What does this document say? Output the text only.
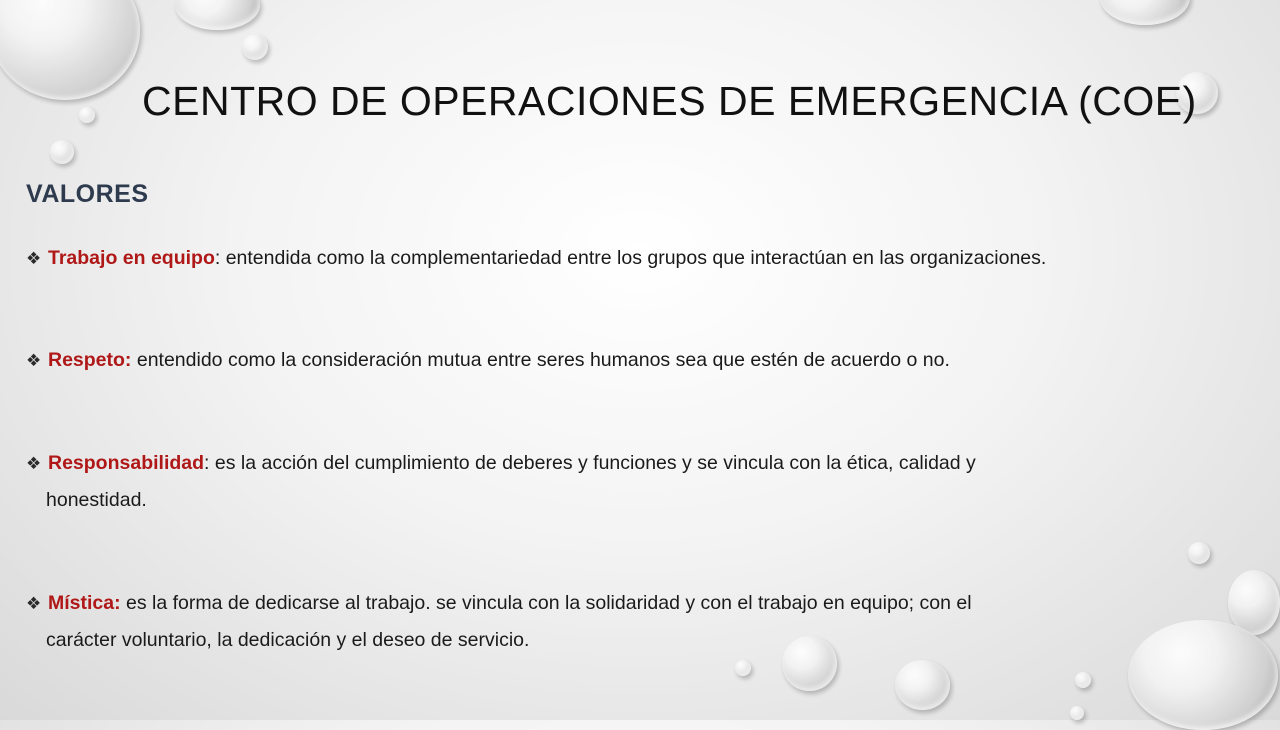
CENTRO DE OPERACIONES DE EMERGENCIA (COE)
VALORES
❖ Trabajo en equipo: entendida como la complementariedad entre los grupos que interactúan en las organizaciones.
❖ Respeto: entendido como la consideración mutua entre seres humanos sea que estén de acuerdo o no.
❖ Responsabilidad: es la acción del cumplimiento de deberes y funciones y se vincula con la ética, calidad y
honestidad.
❖ Mística: es la forma de dedicarse al trabajo. se vincula con la solidaridad y con el trabajo en equipo; con el
carácter voluntario, la dedicación y el deseo de servicio.
